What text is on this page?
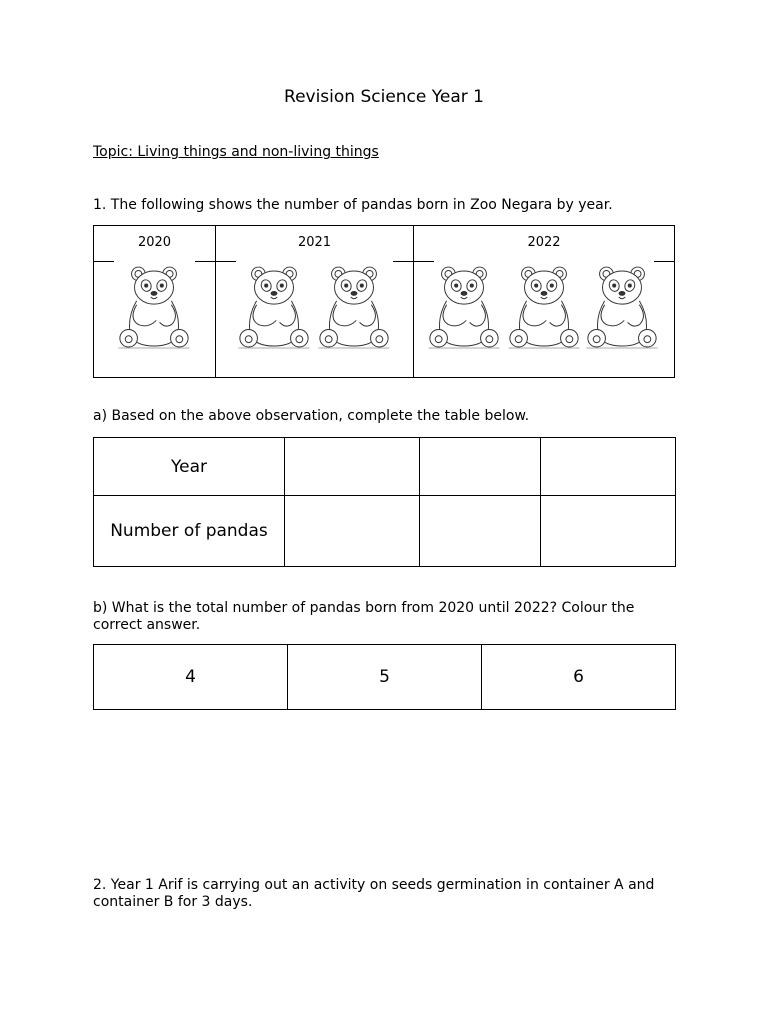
Revision Science Year 1
Topic: Living things and non-living things
1. The following shows the number of pandas born in Zoo Negara by year.
2020	2021	2022
a) Based on the above observation, complete the table below.
Year			
Number of pandas			
b) What is the total number of pandas born from 2020 until 2022? Colour the correct answer.
4	5	6
2. Year 1 Arif is carrying out an activity on seeds germination in container A and container B for 3 days.
